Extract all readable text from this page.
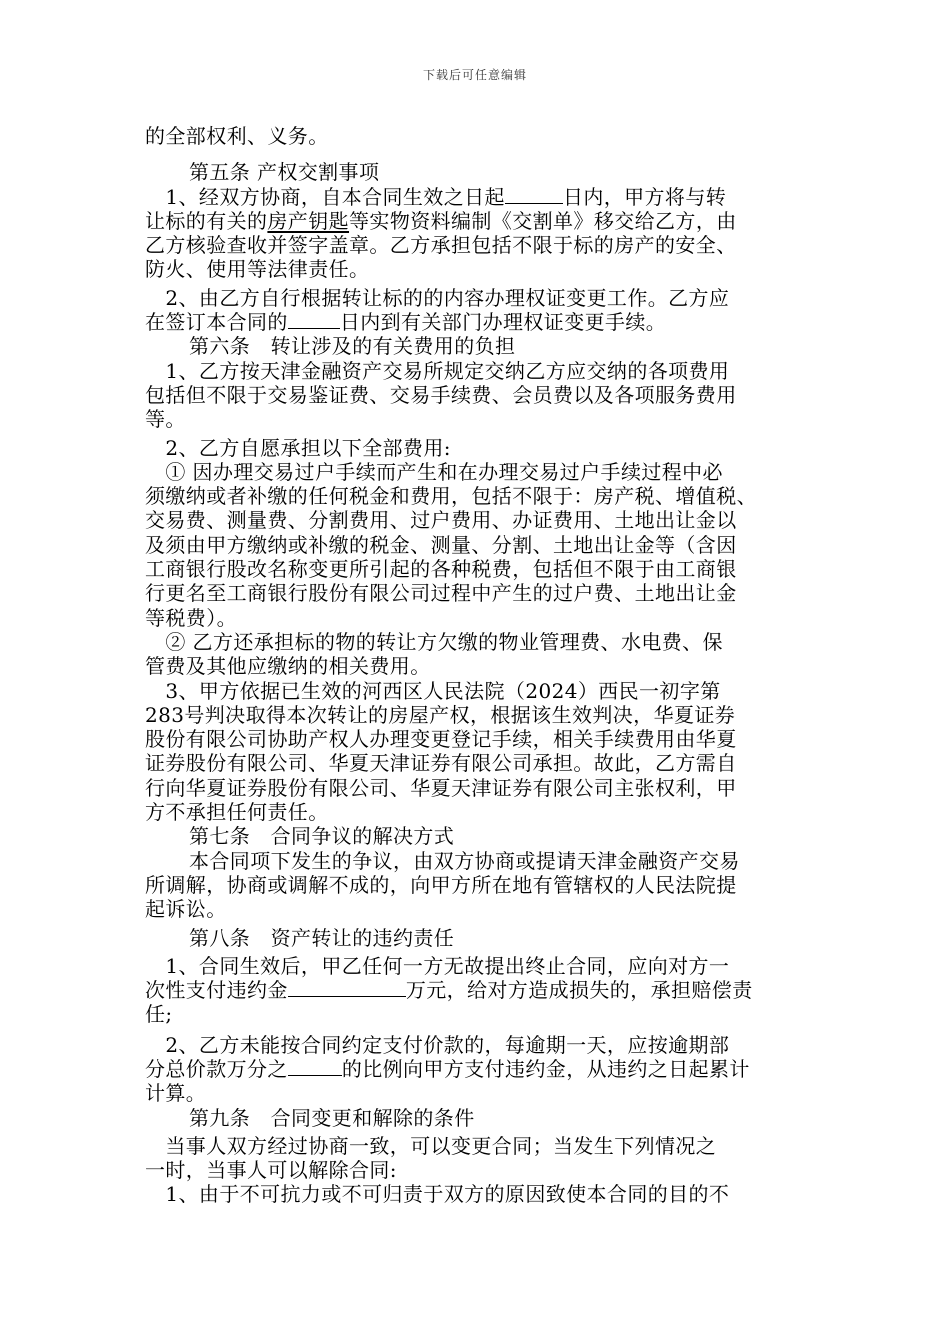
下载后可任意编辑
的全部权利、义务。
第五条 产权交割事项
　1、经双方协商，自本合同生效之日起	日内，甲方将与转
让标的有关的房产钥匙等实物资料编制《交割单》移交给乙方，由
乙方核验查收并签字盖章。乙方承担包括不限于标的房产的安全、
防火、使用等法律责任。
　2、由乙方自行根据转让标的的内容办理权证变更工作。乙方应
在签订本合同的	日内到有关部门办理权证变更手续。
第六条　转让涉及的有关费用的负担
　1、乙方按天津金融资产交易所规定交纳乙方应交纳的各项费用
包括但不限于交易鉴证费、交易手续费、会员费以及各项服务费用
等。
　2、乙方自愿承担以下全部费用:
　① 因办理交易过户手续而产生和在办理交易过户手续过程中必
须缴纳或者补缴的任何税金和费用，包括不限于：房产税、增值税、
交易费、测量费、分割费用、过户费用、办证费用、土地出让金以
及须由甲方缴纳或补缴的税金、测量、分割、土地出让金等（含因
工商银行股改名称变更所引起的各种税费，包括但不限于由工商银
行更名至工商银行股份有限公司过程中产生的过户费、土地出让金
等税费）。
　② 乙方还承担标的物的转让方欠缴的物业管理费、水电费、保
管费及其他应缴纳的相关费用。
　3、甲方依据已生效的河西区人民法院（2024）西民一初字第
283号判决取得本次转让的房屋产权，根据该生效判决，华夏证券
股份有限公司协助产权人办理变更登记手续，相关手续费用由华夏
证券股份有限公司、华夏天津证券有限公司承担。故此，乙方需自
行向华夏证券股份有限公司、华夏天津证券有限公司主张权利，甲
方不承担任何责任。
第七条　合同争议的解决方式
本合同项下发生的争议，由双方协商或提请天津金融资产交易
所调解，协商或调解不成的，向甲方所在地有管辖权的人民法院提
起诉讼。
第八条　资产转让的违约责任
　1、合同生效后，甲乙任何一方无故提出终止合同，应向对方一
次性支付违约金	万元，给对方造成损失的，承担赔偿责
任;
　2、乙方未能按合同约定支付价款的，每逾期一天，应按逾期部
分总价款万分之	的比例向甲方支付违约金，从违约之日起累计
计算。
第九条　合同变更和解除的条件
　当事人双方经过协商一致，可以变更合同；当发生下列情况之
一时，当事人可以解除合同:
　1、由于不可抗力或不可归责于双方的原因致使本合同的目的不
